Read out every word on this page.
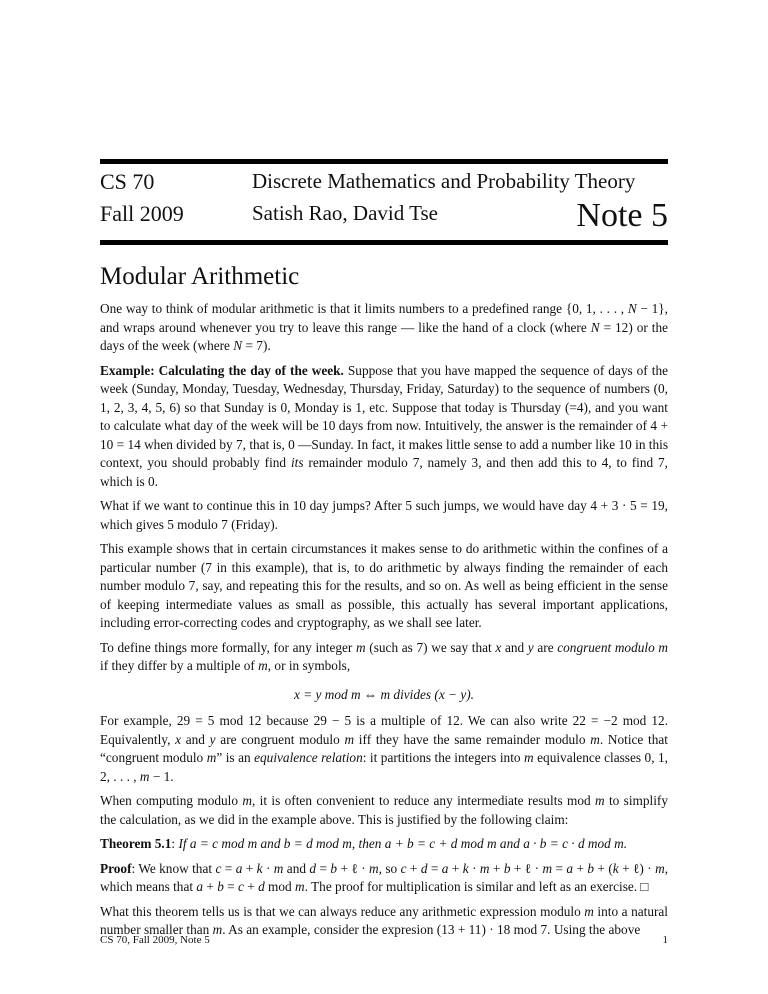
CS 70
Fall 2009
Discrete Mathematics and Probability Theory
Satish Rao, David Tse	Note 5
Modular Arithmetic
One way to think of modular arithmetic is that it limits numbers to a predefined range {0, 1, . . . , N − 1}, and wraps around whenever you try to leave this range — like the hand of a clock (where N = 12) or the days of the week (where N = 7).
Example: Calculating the day of the week. Suppose that you have mapped the sequence of days of the week (Sunday, Monday, Tuesday, Wednesday, Thursday, Friday, Saturday) to the sequence of numbers (0, 1, 2, 3, 4, 5, 6) so that Sunday is 0, Monday is 1, etc. Suppose that today is Thursday (=4), and you want to calculate what day of the week will be 10 days from now. Intuitively, the answer is the remainder of 4 + 10 = 14 when divided by 7, that is, 0 —Sunday. In fact, it makes little sense to add a number like 10 in this context, you should probably find its remainder modulo 7, namely 3, and then add this to 4, to find 7, which is 0.
What if we want to continue this in 10 day jumps? After 5 such jumps, we would have day 4 + 3 · 5 = 19, which gives 5 modulo 7 (Friday).
This example shows that in certain circumstances it makes sense to do arithmetic within the confines of a particular number (7 in this example), that is, to do arithmetic by always finding the remainder of each number modulo 7, say, and repeating this for the results, and so on. As well as being efficient in the sense of keeping intermediate values as small as possible, this actually has several important applications, including error-correcting codes and cryptography, as we shall see later.
To define things more formally, for any integer m (such as 7) we say that x and y are congruent modulo m if they differ by a multiple of m, or in symbols,
x = y mod m ⇔ m divides (x − y).
For example, 29 = 5 mod 12 because 29 − 5 is a multiple of 12. We can also write 22 = −2 mod 12. Equivalently, x and y are congruent modulo m iff they have the same remainder modulo m. Notice that “congruent modulo m” is an equivalence relation: it partitions the integers into m equivalence classes 0, 1, 2, . . . , m − 1.
When computing modulo m, it is often convenient to reduce any intermediate results mod m to simplify the calculation, as we did in the example above. This is justified by the following claim:
Theorem 5.1: If a = c mod m and b = d mod m, then a + b = c + d mod m and a · b = c · d mod m.
Proof: We know that c = a + k · m and d = b + ℓ · m, so c + d = a + k · m + b + ℓ · m = a + b + (k + ℓ) · m, which means that a + b = c + d mod m. The proof for multiplication is similar and left as an exercise. □
What this theorem tells us is that we can always reduce any arithmetic expression modulo m into a natural number smaller than m. As an example, consider the expresion (13 + 11) · 18 mod 7. Using the above
CS 70, Fall 2009, Note 5	1
